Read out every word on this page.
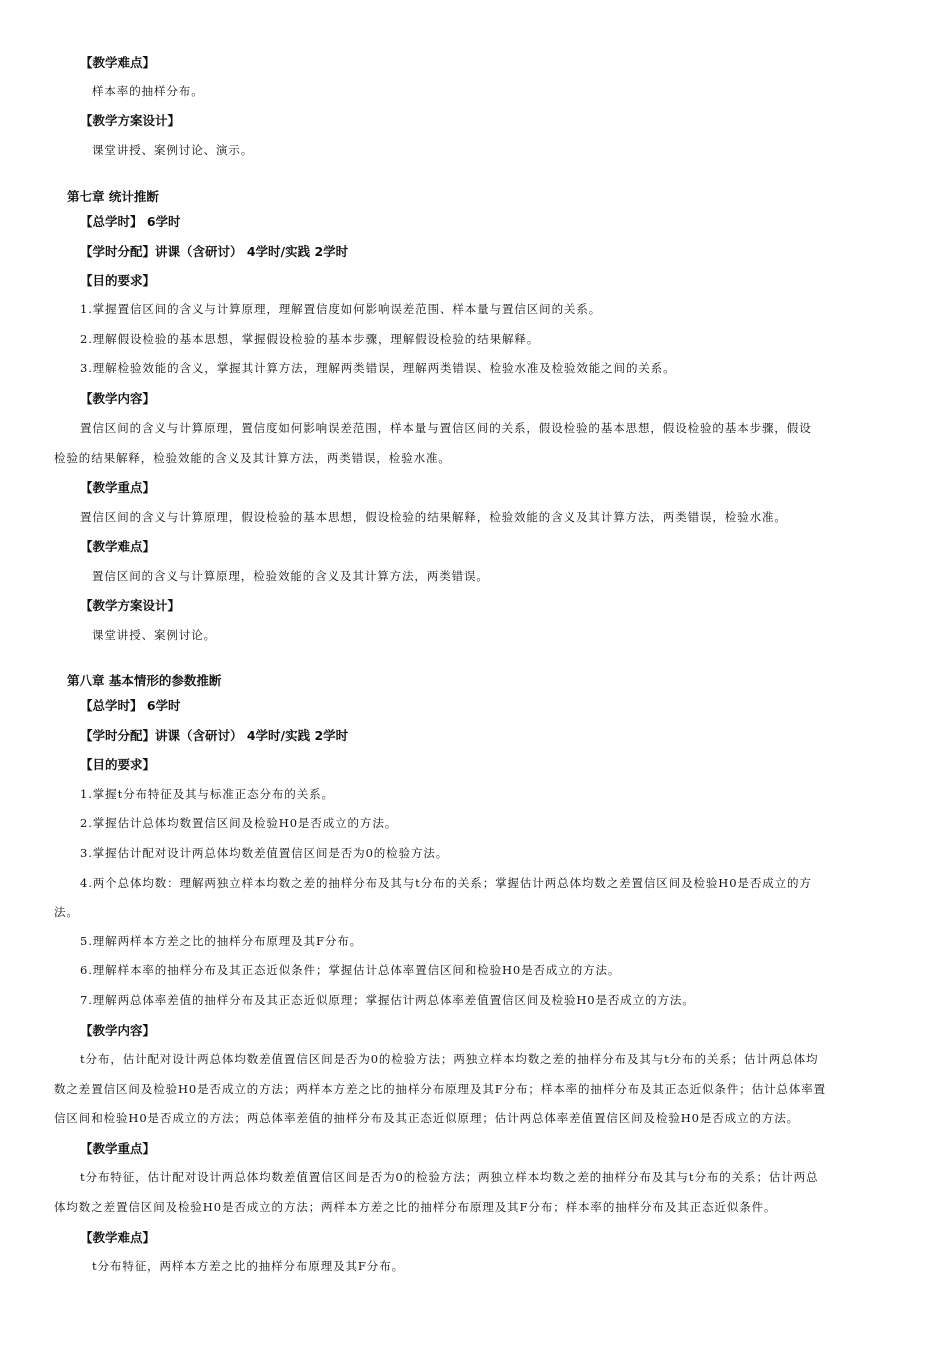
【教学难点】

样本率的抽样分布。

【教学方案设计】

课堂讲授、案例讨论、演示。

第七章 统计推断

【总学时】 6学时

【学时分配】讲课（含研讨） 4学时/实践 2学时

【目的要求】

1.掌握置信区间的含义与计算原理，理解置信度如何影响误差范围、样本量与置信区间的关系。

2.理解假设检验的基本思想，掌握假设检验的基本步骤，理解假设检验的结果解释。

3.理解检验效能的含义，掌握其计算方法，理解两类错误，理解两类错误、检验水准及检验效能之间的关系。

【教学内容】

置信区间的含义与计算原理，置信度如何影响误差范围，样本量与置信区间的关系，假设检验的基本思想，假设检验的基本步骤，假设

检验的结果解释，检验效能的含义及其计算方法，两类错误，检验水准。

【教学重点】

置信区间的含义与计算原理，假设检验的基本思想，假设检验的结果解释，检验效能的含义及其计算方法，两类错误，检验水准。

【教学难点】

置信区间的含义与计算原理，检验效能的含义及其计算方法，两类错误。

【教学方案设计】

课堂讲授、案例讨论。

第八章 基本情形的参数推断

【总学时】 6学时

【学时分配】讲课（含研讨） 4学时/实践 2学时

【目的要求】

1.掌握t分布特征及其与标准正态分布的关系。

2.掌握估计总体均数置信区间及检验H0是否成立的方法。

3.掌握估计配对设计两总体均数差值置信区间是否为0的检验方法。

4.两个总体均数：理解两独立样本均数之差的抽样分布及其与t分布的关系；掌握估计两总体均数之差置信区间及检验H0是否成立的方

法。

5.理解两样本方差之比的抽样分布原理及其F分布。

6.理解样本率的抽样分布及其正态近似条件；掌握估计总体率置信区间和检验H0是否成立的方法。

7.理解两总体率差值的抽样分布及其正态近似原理；掌握估计两总体率差值置信区间及检验H0是否成立的方法。

【教学内容】

t分布，估计配对设计两总体均数差值置信区间是否为0的检验方法；两独立样本均数之差的抽样分布及其与t分布的关系；估计两总体均

数之差置信区间及检验H0是否成立的方法；两样本方差之比的抽样分布原理及其F分布；样本率的抽样分布及其正态近似条件；估计总体率置

信区间和检验H0是否成立的方法；两总体率差值的抽样分布及其正态近似原理；估计两总体率差值置信区间及检验H0是否成立的方法。

【教学重点】

t分布特征，估计配对设计两总体均数差值置信区间是否为0的检验方法；两独立样本均数之差的抽样分布及其与t分布的关系；估计两总

体均数之差置信区间及检验H0是否成立的方法；两样本方差之比的抽样分布原理及其F分布；样本率的抽样分布及其正态近似条件。

【教学难点】

t分布特征，两样本方差之比的抽样分布原理及其F分布。
